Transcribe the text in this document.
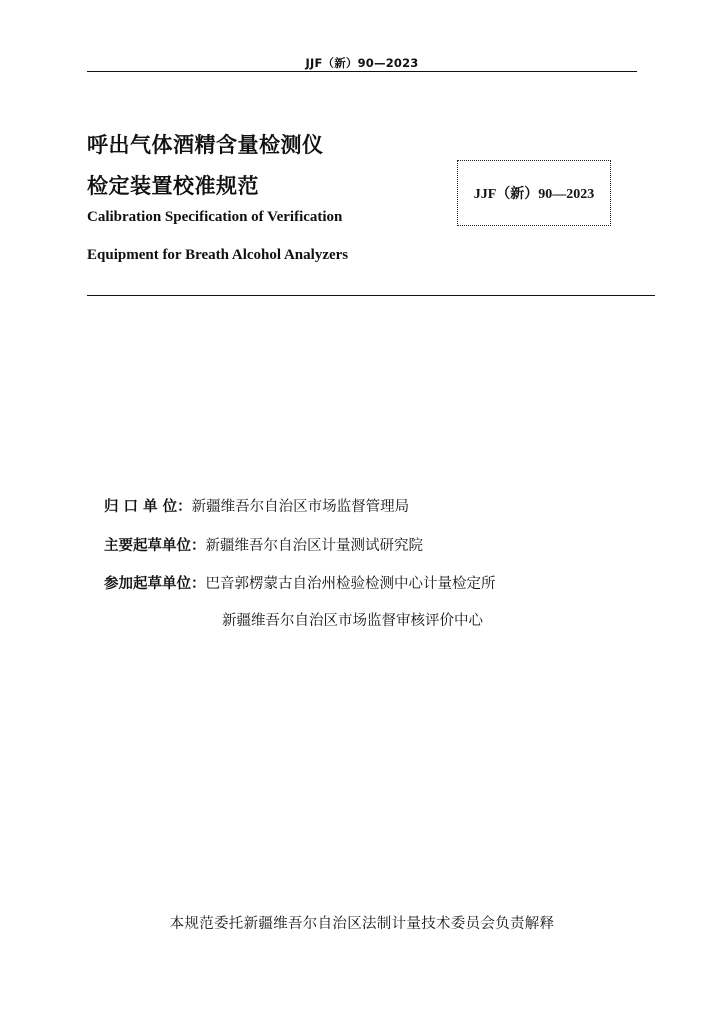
JJF（新）90—2023
呼出气体酒精含量检测仪
检定装置校准规范
Calibration Specification of Verification
Equipment for Breath Alcohol Analyzers
JJF（新）90—2023
归 口 单 位： 新疆维吾尔自治区市场监督管理局
主要起草单位： 新疆维吾尔自治区计量测试研究院
参加起草单位： 巴音郭楞蒙古自治州检验检测中心计量检定所
新疆维吾尔自治区市场监督审核评价中心
本规范委托新疆维吾尔自治区法制计量技术委员会负责解释
